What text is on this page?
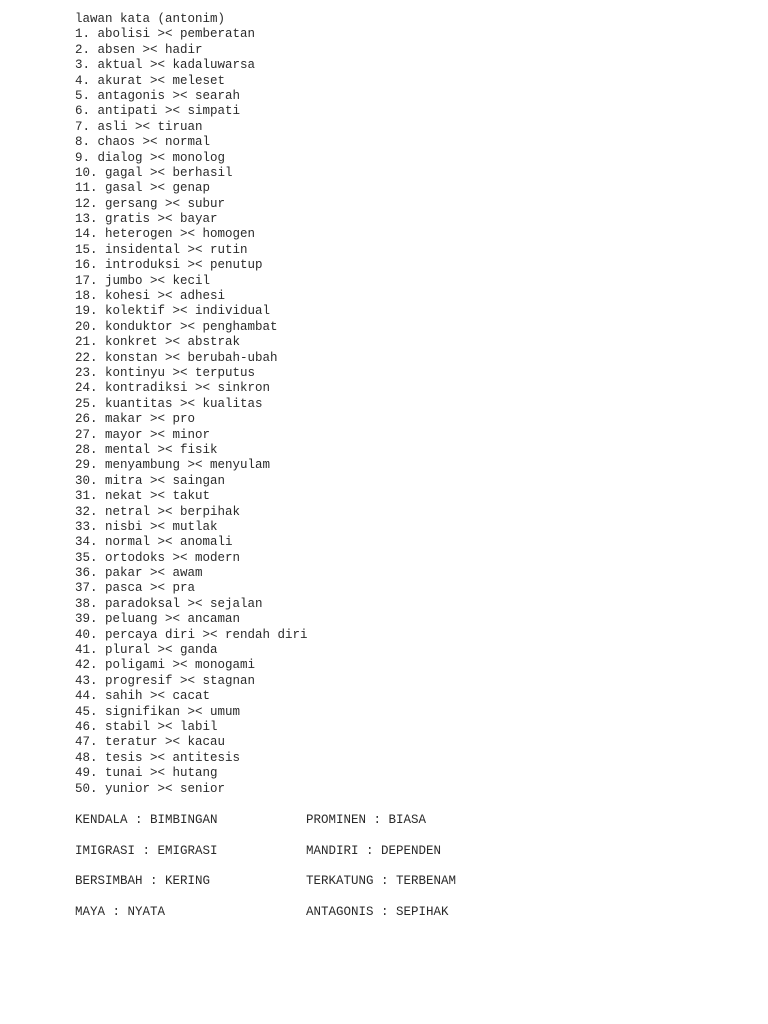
lawan kata (antonim)
1. abolisi >< pemberatan
2. absen >< hadir
3. aktual >< kadaluwarsa
4. akurat >< meleset
5. antagonis >< searah
6. antipati >< simpati
7. asli >< tiruan
8. chaos >< normal
9. dialog >< monolog
10. gagal >< berhasil
11. gasal >< genap
12. gersang >< subur
13. gratis >< bayar
14. heterogen >< homogen
15. insidental >< rutin
16. introduksi >< penutup
17. jumbo >< kecil
18. kohesi >< adhesi
19. kolektif >< individual
20. konduktor >< penghambat
21. konkret >< abstrak
22. konstan >< berubah-ubah
23. kontinyu >< terputus
24. kontradiksi >< sinkron
25. kuantitas >< kualitas
26. makar >< pro
27. mayor >< minor
28. mental >< fisik
29. menyambung >< menyulam
30. mitra >< saingan
31. nekat >< takut
32. netral >< berpihak
33. nisbi >< mutlak
34. normal >< anomali
35. ortodoks >< modern
36. pakar >< awam
37. pasca >< pra
38. paradoksal >< sejalan
39. peluang >< ancaman
40. percaya diri >< rendah diri
41. plural >< ganda
42. poligami >< monogami
43. progresif >< stagnan
44. sahih >< cacat
45. signifikan >< umum
46. stabil >< labil
47. teratur >< kacau
48. tesis >< antitesis
49. tunai >< hutang
50. yunior >< senior
KENDALA : BIMBINGAN	PROMINEN : BIASA
IMIGRASI : EMIGRASI	MANDIRI : DEPENDEN
BERSIMBAH : KERING	TERKATUNG : TERBENAM
MAYA : NYATA	ANTAGONIS : SEPIHAK
